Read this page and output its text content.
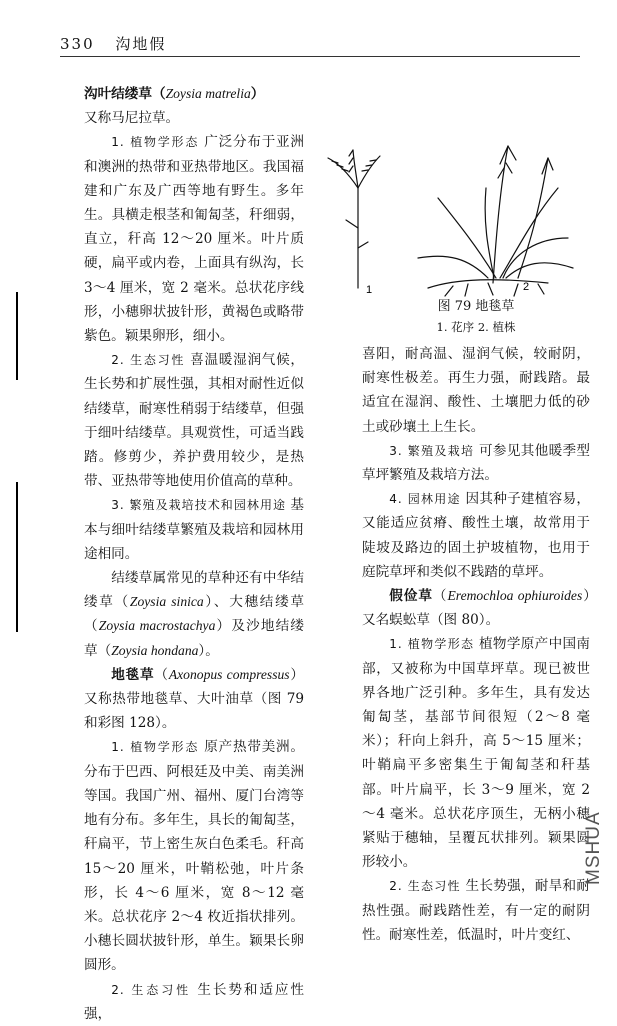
330 沟地假

沟叶结缕草（Zoysia matrelia）

又称马尼拉草。

1. 植物学形态 广泛分布于亚洲和澳洲的热带和亚热带地区。我国福建和广东及广西等地有野生。多年生。具横走根茎和匍匐茎，秆细弱，直立，秆高 12～20 厘米。叶片质硬，扁平或内卷，上面具有纵沟，长 3～4 厘米，宽 2 毫米。总状花序线形，小穗卵状披针形，黄褐色或略带紫色。颖果卵形，细小。

2. 生态习性 喜温暖湿润气候，生长势和扩展性强，其相对耐性近似结缕草，耐寒性稍弱于结缕草，但强于细叶结缕草。具观赏性，可适当践踏。修剪少，养护费用较少，是热带、亚热带等地使用价值高的草种。

3. 繁殖及栽培技术和园林用途 基本与细叶结缕草繁殖及栽培和园林用途相同。

结缕草属常见的草种还有中华结缕草（Zoysia sinica）、大穗结缕草（Zoysia macrostachya）及沙地结缕草（Zoysia hondana）。

地毯草（Axonopus compressus） 又称热带地毯草、大叶油草（图 79 和彩图 128）。

1. 植物学形态 原产热带美洲。分布于巴西、阿根廷及中美、南美洲等国。我国广州、福州、厦门台湾等地有分布。多年生，具长的匍匐茎，秆扁平，节上密生灰白色柔毛。秆高 15～20 厘米，叶鞘松弛，叶片条形，长 4～6 厘米，宽 8～12 毫米。总状花序 2～4 枚近指状排列。小穗长圆状披针形，单生。颖果长卵圆形。

2. 生态习性 生长势和适应性强，

1	2
图 79 地毯草
1. 花序 2. 植株

喜阳，耐高温、湿润气候，较耐阴，耐寒性极差。再生力强，耐践踏。最适宜在湿润、酸性、土壤肥力低的砂土或砂壤土上生长。

3. 繁殖及栽培 可参见其他暖季型草坪繁殖及栽培方法。

4. 园林用途 因其种子建植容易，又能适应贫瘠、酸性土壤，故常用于陡坡及路边的固土护坡植物，也用于庭院草坪和类似不践踏的草坪。

假俭草（Eremochloa ophiuroides）又名蜈蚣草（图 80）。

1. 植物学形态 植物学原产中国南部，又被称为中国草坪草。现已被世界各地广泛引种。多年生，具有发达匍匐茎，基部节间很短（2～8 毫米）；秆向上斜升，高 5～15 厘米；叶鞘扁平多密集生于匍匐茎和秆基部。叶片扁平，长 3～9 厘米，宽 2～4 毫米。总状花序顶生，无柄小穗紧贴于穗轴，呈覆瓦状排列。颖果圆形较小。

2. 生态习性 生长势强，耐旱和耐热性强。耐践踏性差，有一定的耐阴性。耐寒性差，低温时，叶片变红、

MSHUA
